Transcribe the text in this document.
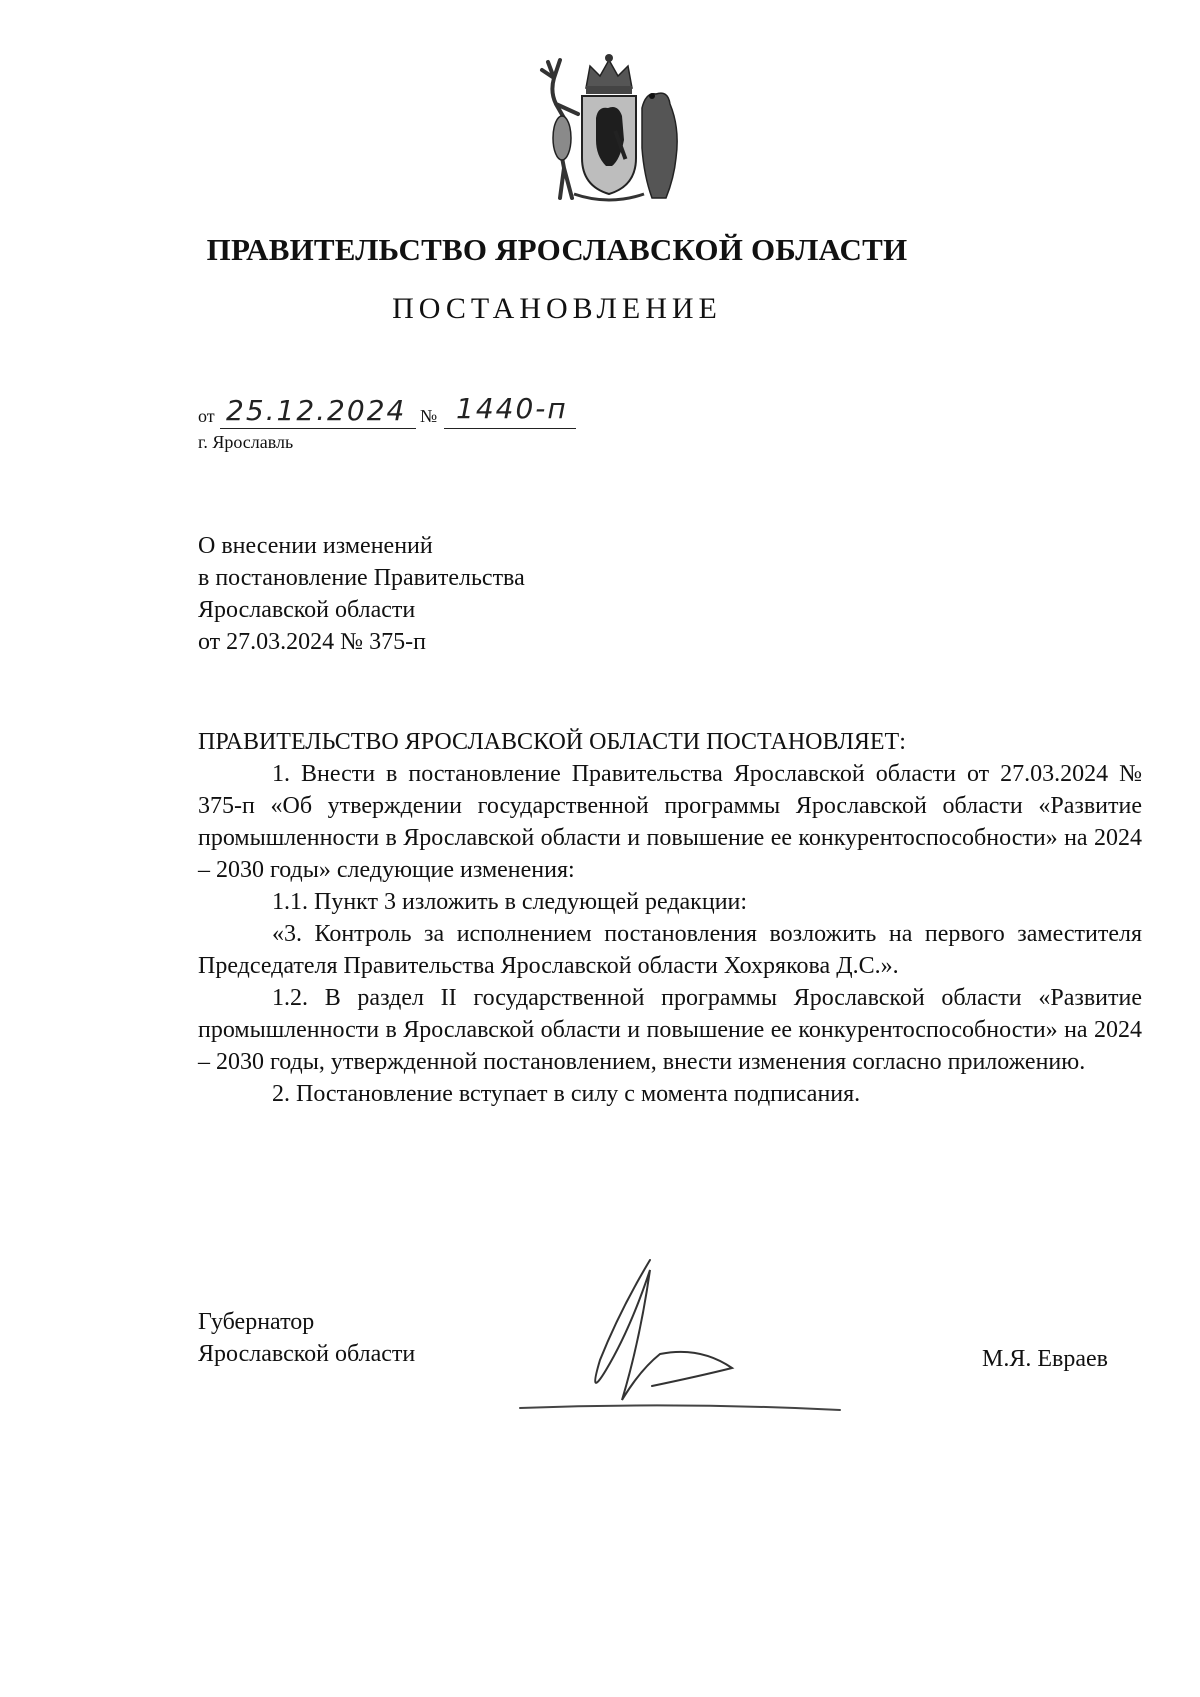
ПРАВИТЕЛЬСТВО ЯРОСЛАВСКОЙ ОБЛАСТИ
ПОСТАНОВЛЕНИЕ
от 25.12.2024 № 1440-п
г. Ярославль
О внесении изменений
в постановление Правительства
Ярославской области
от 27.03.2024 № 375-п
ПРАВИТЕЛЬСТВО ЯРОСЛАВСКОЙ ОБЛАСТИ ПОСТАНОВЛЯЕТ:
1. Внести в постановление Правительства Ярославской области от 27.03.2024 № 375-п «Об утверждении государственной программы Ярославской области «Развитие промышленности в Ярославской области и повышение ее конкурентоспособности» на 2024 – 2030 годы» следующие изменения:
1.1. Пункт 3 изложить в следующей редакции:
«3. Контроль за исполнением постановления возложить на первого заместителя Председателя Правительства Ярославской области Хохрякова Д.С.».
1.2. В раздел II государственной программы Ярославской области «Развитие промышленности в Ярославской области и повышение ее конкурентоспособности» на 2024 – 2030 годы, утвержденной постановлением, внести изменения согласно приложению.
2. Постановление вступает в силу с момента подписания.
Губернатор
Ярославской области	М.Я. Евраев
